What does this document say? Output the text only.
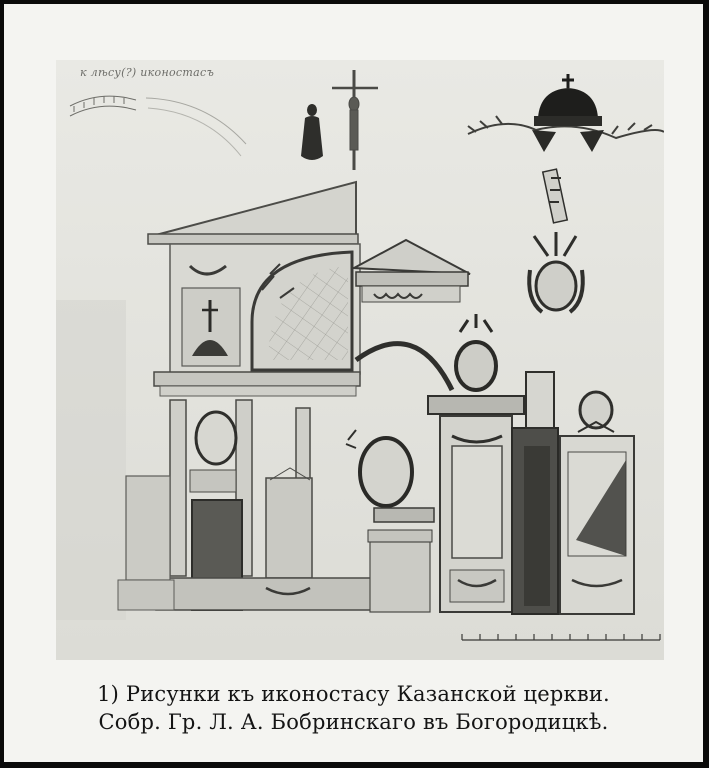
к лѣсу(?) иконостасъ
1) Рисунки къ иконостасу Казанской церкви.
Собр. Гр. Л. А. Бобринскаго въ Богородицкѣ.
